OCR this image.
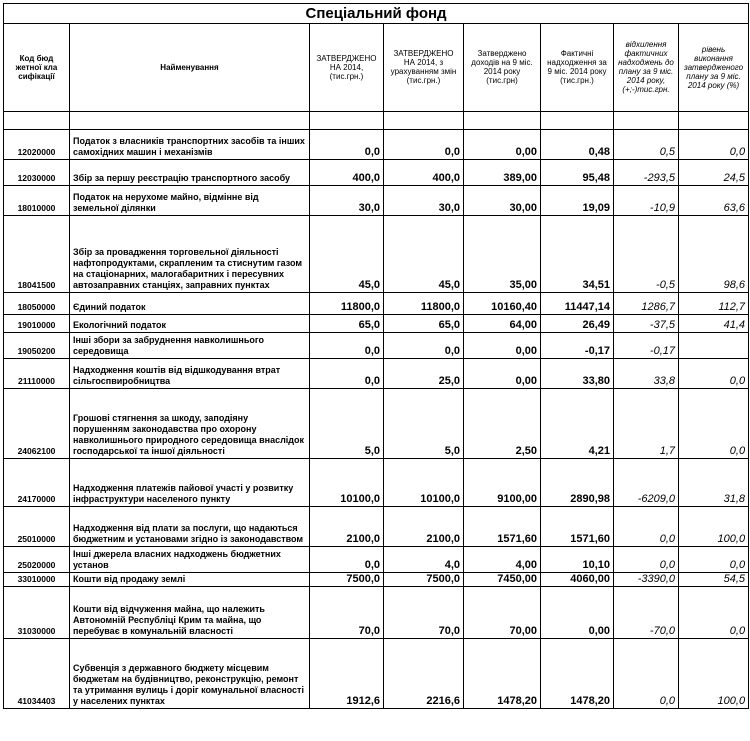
Спеціальний фонд							
Код бюд жетної кла сифікації	Найменування	ЗАТВЕРДЖЕНО НА 2014, (тис.грн.)	ЗАТВЕРДЖЕНО НА 2014, з урахуванням змін (тис.грн.)	Затверджено доходів на 9 міс. 2014 року (тис.грн)	Фактичні надходження за 9 міс. 2014 року (тис.грн.)	відхилення фактичних надходжень до плану за 9 міс. 2014 року, (+;-)тис.грн.	рівень виконання затвердженого плану за 9 міс. 2014 року (%)

12020000	Податок з власників транспортних засобів та інших самохідних машин і механізмів	0,0	0,0	0,00	0,48	0,5	0,0
12030000	Збір за першу реєстрацію транспортного засобу	400,0	400,0	389,00	95,48	-293,5	24,5
18010000	Податок на нерухоме майно, відмінне від земельної ділянки	30,0	30,0	30,00	19,09	-10,9	63,6
18041500	Збір за провадження торговельної діяльності нафтопродуктами, скрапленим та стиснутим газом на стаціонарних, малогабаритних і пересувних автозаправних станціях, заправних пунктах	45,0	45,0	35,00	34,51	-0,5	98,6
18050000	Єдиний податок	11800,0	11800,0	10160,40	11447,14	1286,7	112,7
19010000	Екологічний податок	65,0	65,0	64,00	26,49	-37,5	41,4
19050200	Інші збори за забруднення навколишнього середовища	0,0	0,0	0,00	-0,17	-0,17	
21110000	Надходження коштів від відшкодування втрат сільгоспвиробництва	0,0	25,0	0,00	33,80	33,8	0,0
24062100	Грошові стягнення за шкоду, заподіяну порушенням законодавства про охорону навколишнього природного середовища внаслідок господарської та іншої діяльності	5,0	5,0	2,50	4,21	1,7	0,0
24170000	Надходження платежів пайової участі у розвитку інфраструктури населеного пункту	10100,0	10100,0	9100,00	2890,98	-6209,0	31,8
25010000	Надходження від плати за послуги, що надаються бюджетним и установами згідно із законодавством	2100,0	2100,0	1571,60	1571,60	0,0	100,0
25020000	Інші джерела власних надходжень бюджетних установ	0,0	4,0	4,00	10,10	0,0	0,0
33010000	Кошти від продажу землі	7500,0	7500,0	7450,00	4060,00	-3390,0	54,5
31030000	Кошти від відчуження майна, що належить Автономній Республіці Крим та майна, що перебуває в комунальній власності	70,0	70,0	70,00	0,00	-70,0	0,0
41034403	Субвенція з державного бюджету місцевим бюджетам на будівництво, реконструкцію, ремонт та утримання вулиць і доріг комунальної власності у населених пунктах	1912,6	2216,6	1478,20	1478,20	0,0	100,0
